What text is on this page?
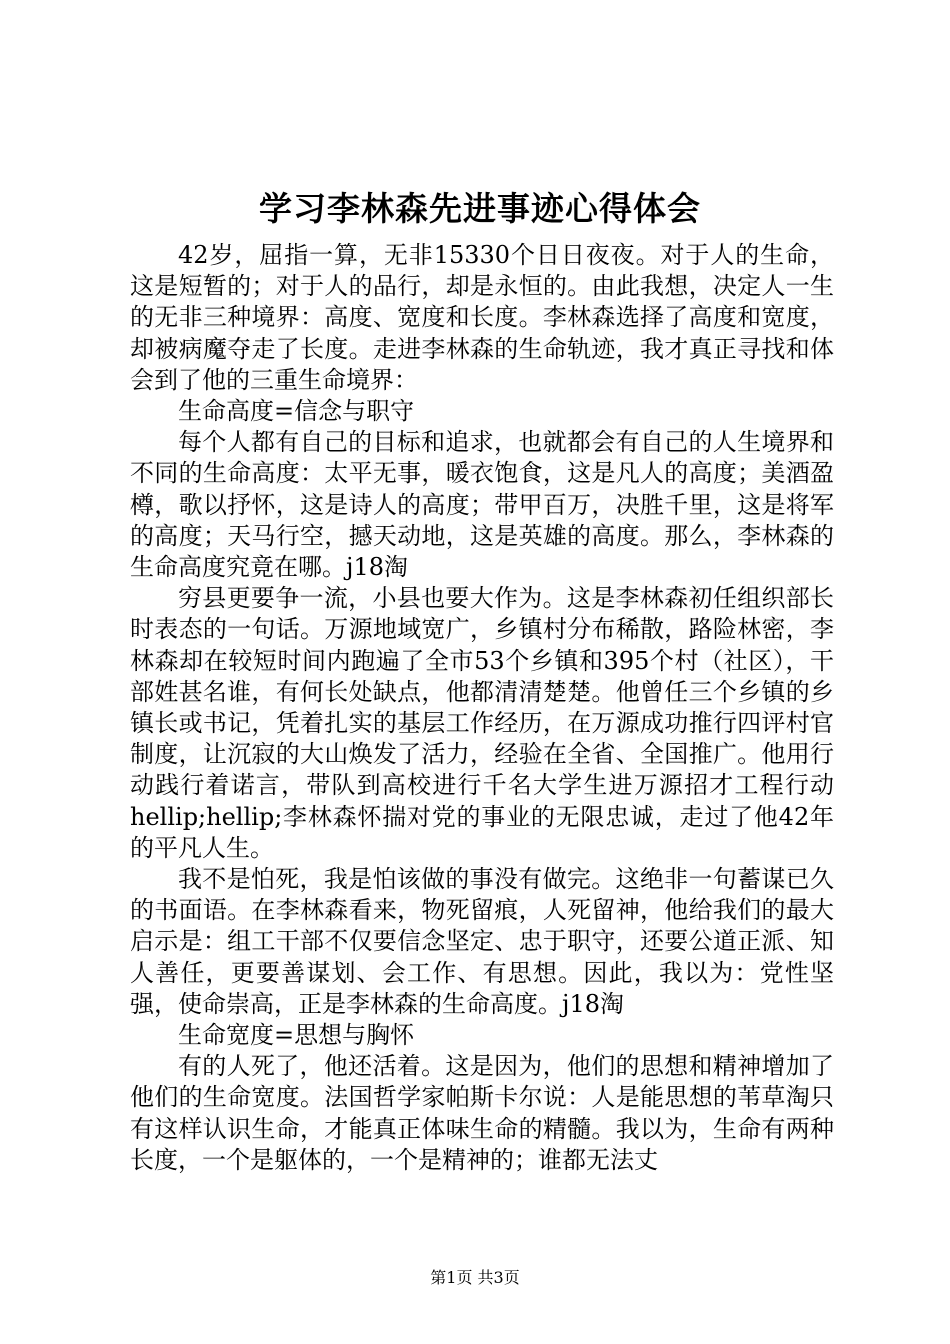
学习李林森先进事迹心得体会

42岁，屈指一算，无非15330个日日夜夜。对于人的生命，这是短暂的；对于人的品行，却是永恒的。由此我想，决定人一生的无非三种境界：高度、宽度和长度。李林森选择了高度和宽度，却被病魔夺走了长度。走进李林森的生命轨迹，我才真正寻找和体会到了他的三重生命境界：

生命高度=信念与职守

每个人都有自己的目标和追求，也就都会有自己的人生境界和不同的生命高度：太平无事，暖衣饱食，这是凡人的高度；美酒盈樽，歌以抒怀，这是诗人的高度；带甲百万，决胜千里，这是将军的高度；天马行空，撼天动地，这是英雄的高度。那么，李林森的生命高度究竟在哪。j18淘

穷县更要争一流，小县也要大作为。这是李林森初任组织部长时表态的一句话。万源地域宽广，乡镇村分布稀散，路险林密，李林森却在较短时间内跑遍了全市53个乡镇和395个村（社区），干部姓甚名谁，有何长处缺点，他都清清楚楚。他曾任三个乡镇的乡镇长或书记，凭着扎实的基层工作经历，在万源成功推行四评村官制度，让沉寂的大山焕发了活力，经验在全省、全国推广。他用行动践行着诺言，带队到高校进行千名大学生进万源招才工程行动hellip;hellip;李林森怀揣对党的事业的无限忠诚，走过了他42年的平凡人生。

我不是怕死，我是怕该做的事没有做完。这绝非一句蓄谋已久的书面语。在李林森看来，物死留痕，人死留神，他给我们的最大启示是：组工干部不仅要信念坚定、忠于职守，还要公道正派、知人善任，更要善谋划、会工作、有思想。因此，我以为：党性坚强，使命崇高，正是李林森的生命高度。j18淘

生命宽度=思想与胸怀

有的人死了，他还活着。这是因为，他们的思想和精神增加了他们的生命宽度。法国哲学家帕斯卡尔说：人是能思想的苇草淘只有这样认识生命，才能真正体味生命的精髓。我以为，生命有两种长度，一个是躯体的，一个是精神的；谁都无法丈

第1页 共3页
